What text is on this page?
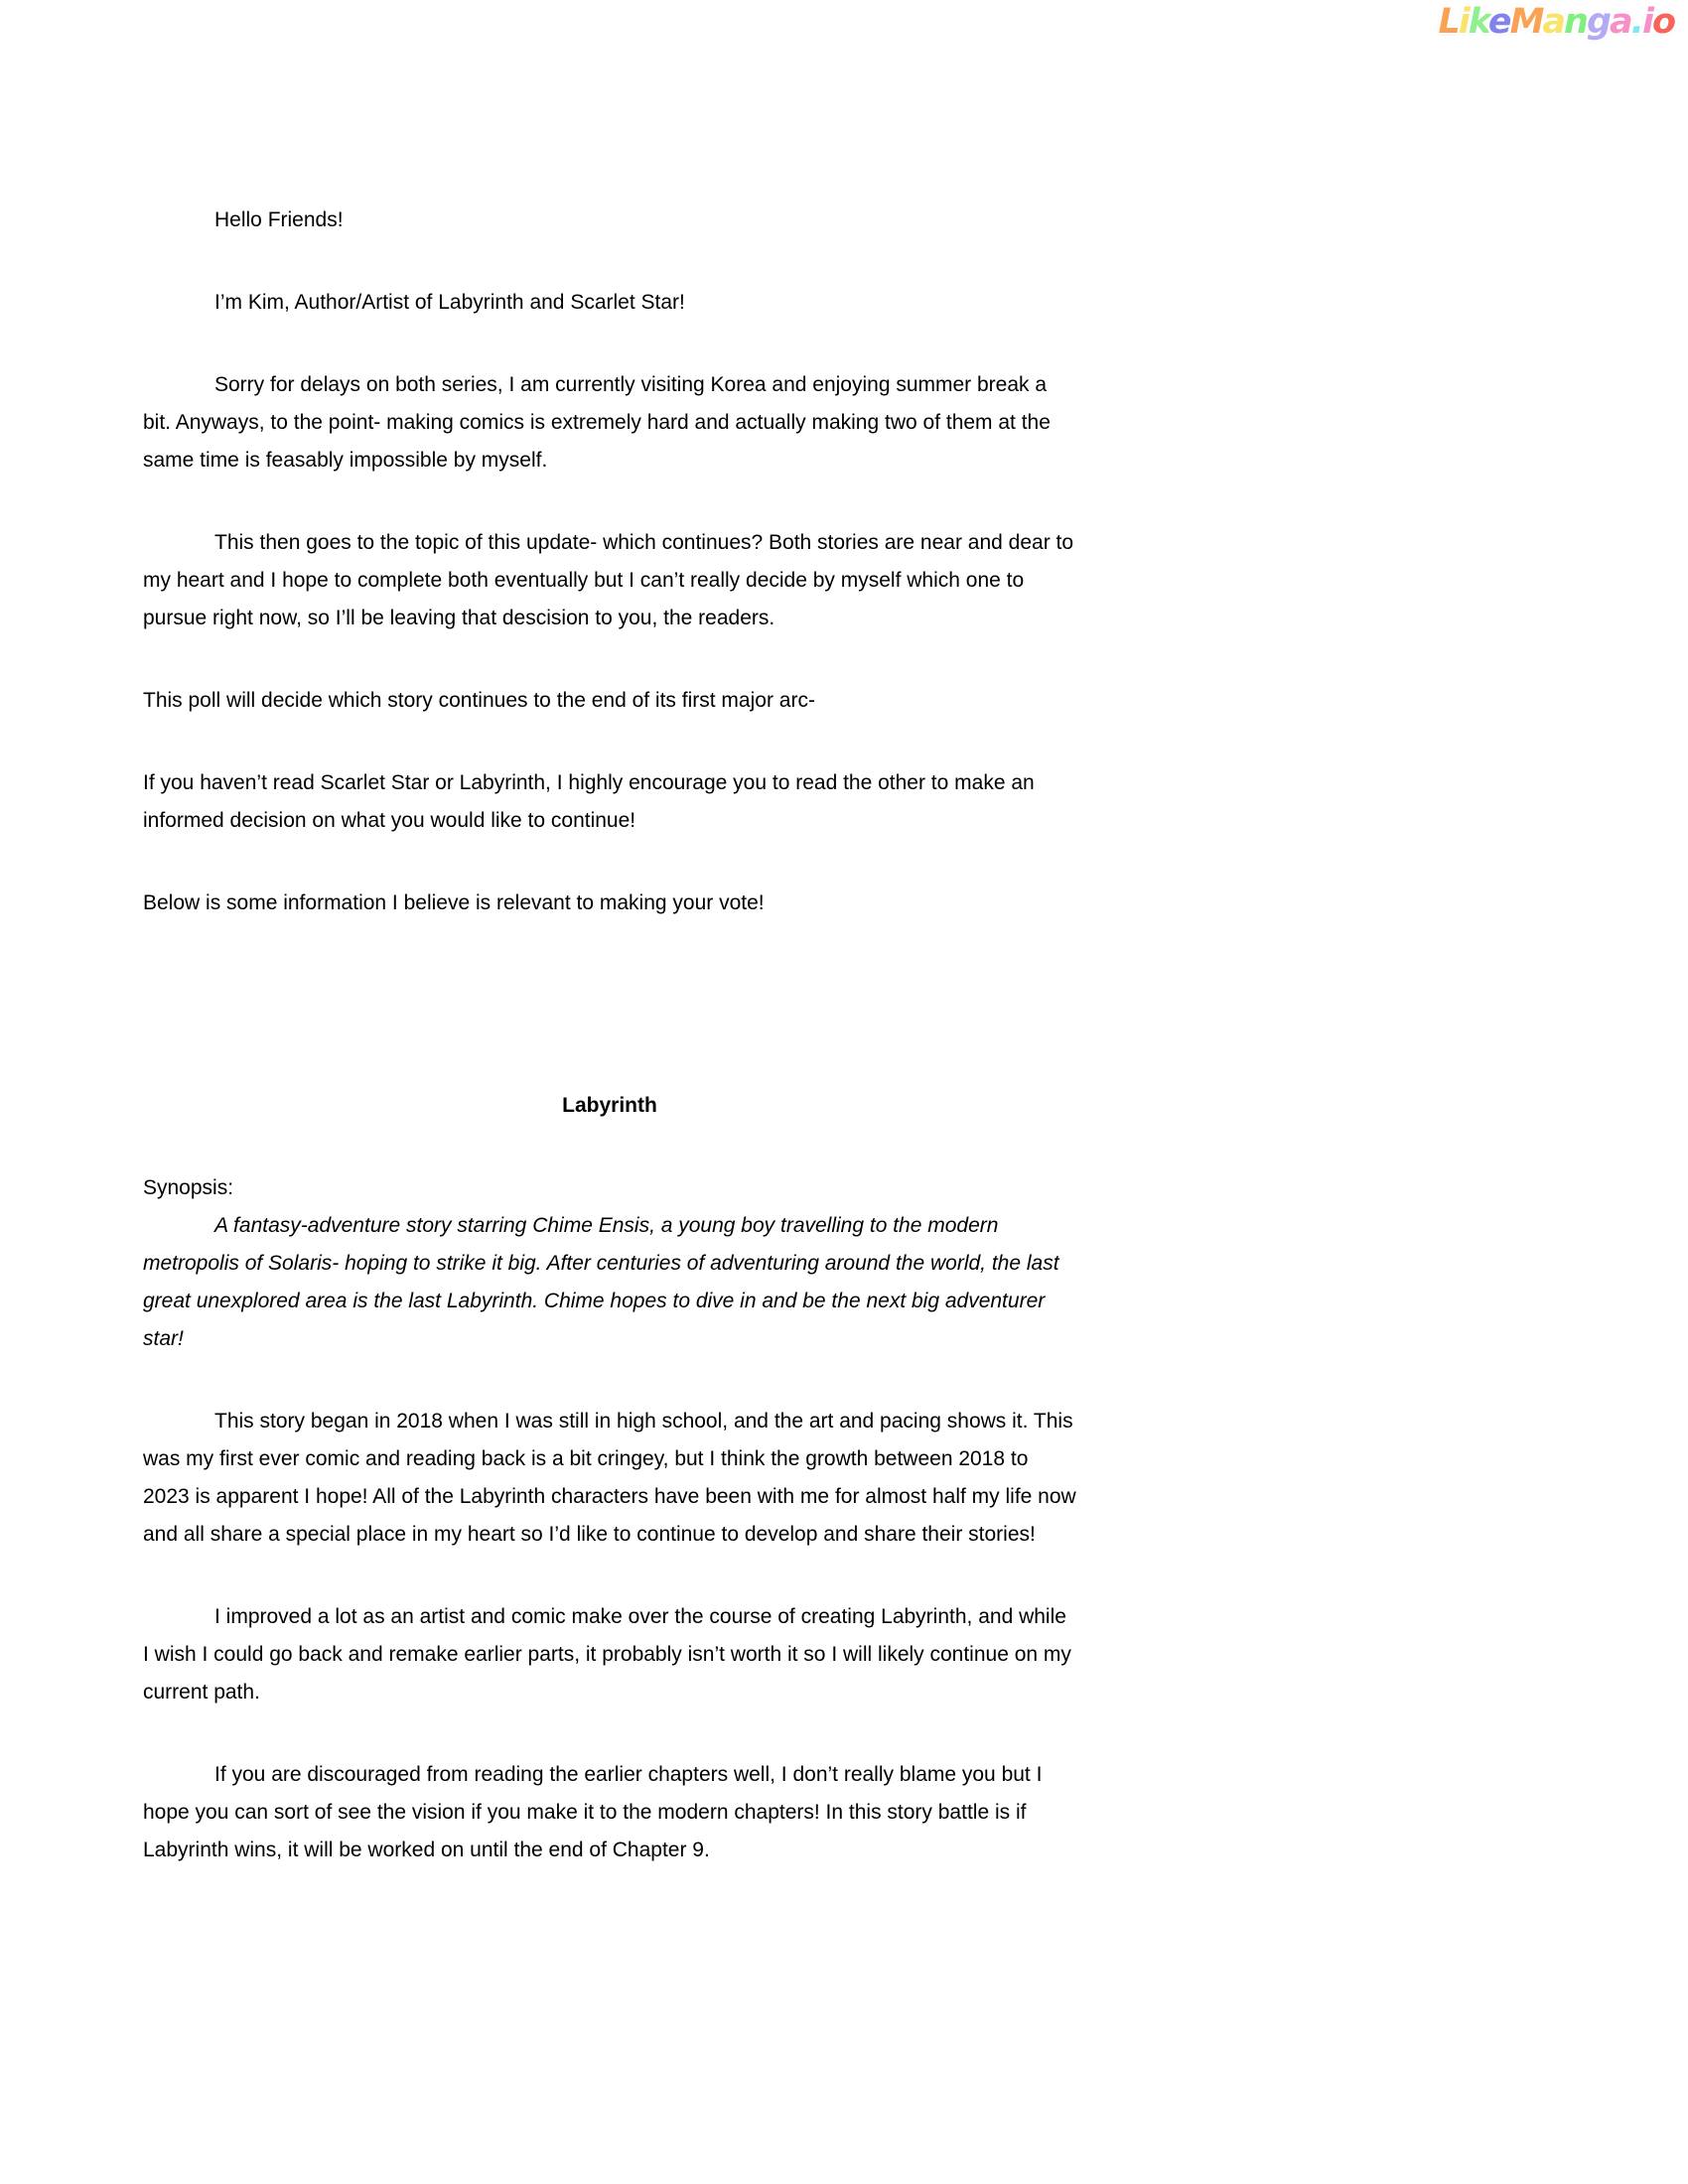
LikeManga.io

Hello Friends!

I’m Kim, Author/Artist of Labyrinth and Scarlet Star!

Sorry for delays on both series, I am currently visiting Korea and enjoying summer break a bit. Anyways, to the point- making comics is extremely hard and actually making two of them at the same time is feasably impossible by myself.

This then goes to the topic of this update- which continues? Both stories are near and dear to my heart and I hope to complete both eventually but I can’t really decide by myself which one to pursue right now, so I’ll be leaving that descision to you, the readers.

This poll will decide which story continues to the end of its first major arc-

If you haven’t read Scarlet Star or Labyrinth, I highly encourage you to read the other to make an informed decision on what you would like to continue!

Below is some information I believe is relevant to making your vote!

Labyrinth

Synopsis:

A fantasy-adventure story starring Chime Ensis, a young boy travelling to the modern metropolis of Solaris- hoping to strike it big. After centuries of adventuring around the world, the last great unexplored area is the last Labyrinth. Chime hopes to dive in and be the next big adventurer star!

This story began in 2018 when I was still in high school, and the art and pacing shows it. This was my first ever comic and reading back is a bit cringey, but I think the growth between 2018 to 2023 is apparent I hope! All of the Labyrinth characters have been with me for almost half my life now and all share a special place in my heart so I’d like to continue to develop and share their stories!

I improved a lot as an artist and comic make over the course of creating Labyrinth, and while I wish I could go back and remake earlier parts, it probably isn’t worth it so I will likely continue on my current path.

If you are discouraged from reading the earlier chapters well, I don’t really blame you but I hope you can sort of see the vision if you make it to the modern chapters! In this story battle is if Labyrinth wins, it will be worked on until the end of Chapter 9.
